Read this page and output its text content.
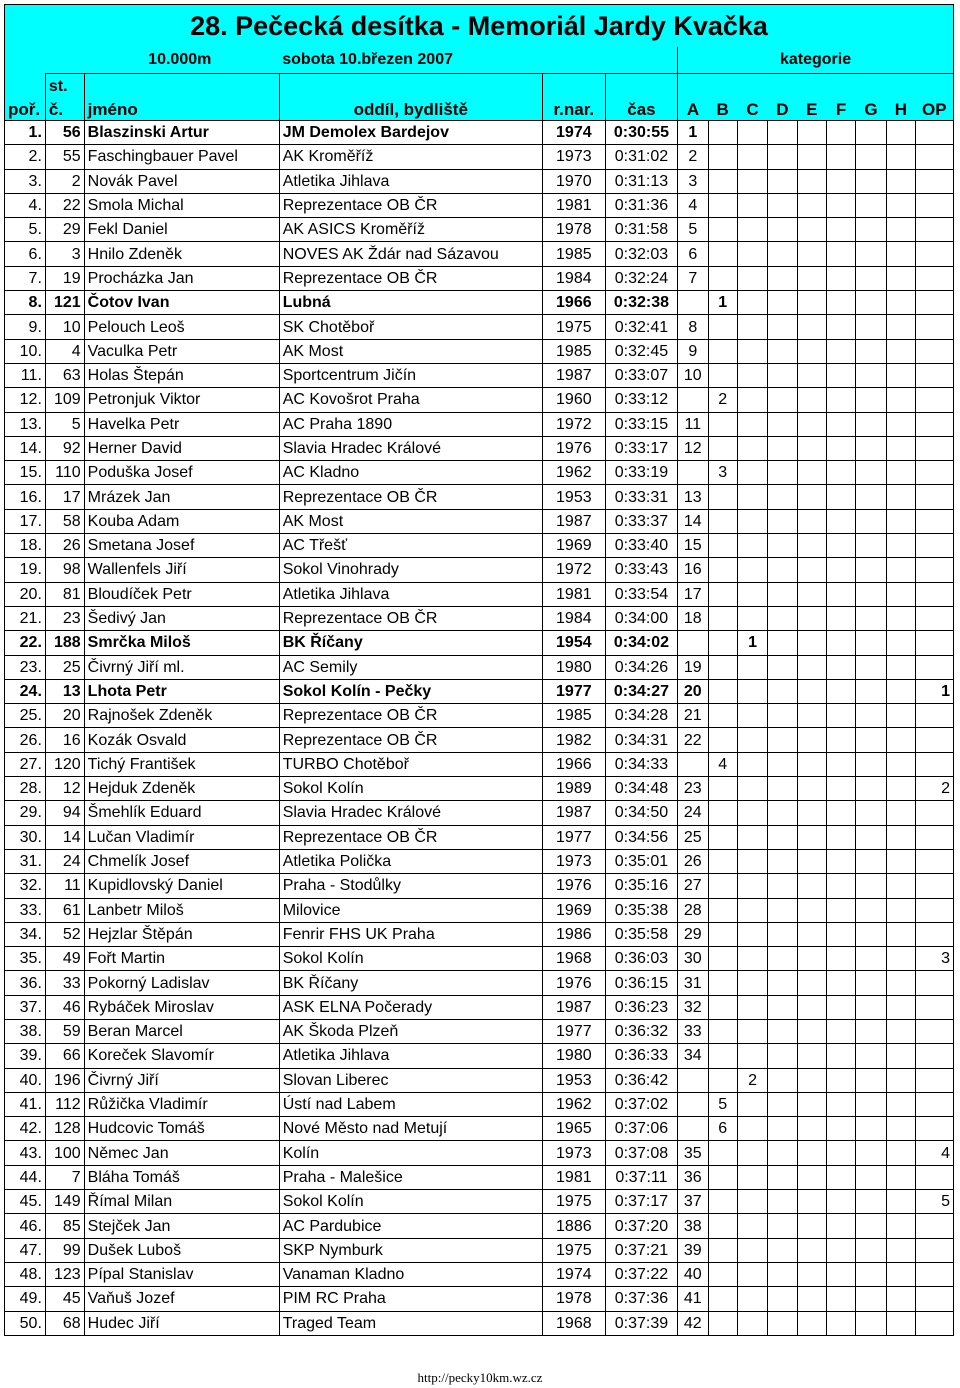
28. Pečecká desítka - Memoriál Jardy Kvačka														
		10.000m sobota 10.březen 2007				kategorie								
	st.													
poř.	č.	jméno	oddíl, bydliště	r.nar.	čas	A	B	C	D	E	F	G	H	OP
1.	56	Blaszinski Artur	JM Demolex Bardejov	1974	0:30:55	1								
2.	55	Faschingbauer Pavel	AK Kroměříž	1973	0:31:02	2								
3.	2	Novák Pavel	Atletika Jihlava	1970	0:31:13	3								
4.	22	Smola Michal	Reprezentace OB ČR	1981	0:31:36	4								
5.	29	Fekl Daniel	AK ASICS Kroměříž	1978	0:31:58	5								
6.	3	Hnilo Zdeněk	NOVES AK Ždár nad Sázavou	1985	0:32:03	6								
7.	19	Procházka Jan	Reprezentace OB ČR	1984	0:32:24	7								
8.	121	Čotov Ivan	Lubná	1966	0:32:38		1							
9.	10	Pelouch Leoš	SK Chotěboř	1975	0:32:41	8								
10.	4	Vaculka Petr	AK Most	1985	0:32:45	9								
11.	63	Holas Štepán	Sportcentrum Jičín	1987	0:33:07	10								
12.	109	Petronjuk Viktor	AC Kovošrot Praha	1960	0:33:12		2							
13.	5	Havelka Petr	AC Praha 1890	1972	0:33:15	11								
14.	92	Herner David	Slavia Hradec Králové	1976	0:33:17	12								
15.	110	Poduška Josef	AC Kladno	1962	0:33:19		3							
16.	17	Mrázek Jan	Reprezentace OB ČR	1953	0:33:31	13								
17.	58	Kouba Adam	AK Most	1987	0:33:37	14								
18.	26	Smetana Josef	AC Třešť	1969	0:33:40	15								
19.	98	Wallenfels Jiří	Sokol Vinohrady	1972	0:33:43	16								
20.	81	Bloudíček Petr	Atletika Jihlava	1981	0:33:54	17								
21.	23	Šedivý Jan	Reprezentace OB ČR	1984	0:34:00	18								
22.	188	Smrčka Miloš	BK Říčany	1954	0:34:02			1						
23.	25	Čivrný Jiří ml.	AC Semily	1980	0:34:26	19								
24.	13	Lhota Petr	Sokol Kolín - Pečky	1977	0:34:27	20								1
25.	20	Rajnošek Zdeněk	Reprezentace OB ČR	1985	0:34:28	21								
26.	16	Kozák Osvald	Reprezentace OB ČR	1982	0:34:31	22								
27.	120	Tichý František	TURBO Chotěboř	1966	0:34:33		4							
28.	12	Hejduk Zdeněk	Sokol Kolín	1989	0:34:48	23								2
29.	94	Šmehlík Eduard	Slavia Hradec Králové	1987	0:34:50	24								
30.	14	Lučan Vladimír	Reprezentace OB ČR	1977	0:34:56	25								
31.	24	Chmelík Josef	Atletika Polička	1973	0:35:01	26								
32.	11	Kupidlovský Daniel	Praha - Stodůlky	1976	0:35:16	27								
33.	61	Lanbetr Miloš	Milovice	1969	0:35:38	28								
34.	52	Hejzlar Štěpán	Fenrir FHS UK Praha	1986	0:35:58	29								
35.	49	Fořt Martin	Sokol Kolín	1968	0:36:03	30								3
36.	33	Pokorný Ladislav	BK Říčany	1976	0:36:15	31								
37.	46	Rybáček Miroslav	ASK ELNA Počerady	1987	0:36:23	32								
38.	59	Beran Marcel	AK Škoda Plzeň	1977	0:36:32	33								
39.	66	Koreček Slavomír	Atletika Jihlava	1980	0:36:33	34								
40.	196	Čivrný Jiří	Slovan Liberec	1953	0:36:42			2						
41.	112	Růžička Vladimír	Ústí nad Labem	1962	0:37:02		5							
42.	128	Hudcovic Tomáš	Nové Město nad Metují	1965	0:37:06		6							
43.	100	Němec Jan	Kolín	1973	0:37:08	35								4
44.	7	Bláha Tomáš	Praha - Malešice	1981	0:37:11	36								
45.	149	Římal Milan	Sokol Kolín	1975	0:37:17	37								5
46.	85	Stejček Jan	AC Pardubice	1886	0:37:20	38								
47.	99	Dušek Luboš	SKP Nymburk	1975	0:37:21	39								
48.	123	Pípal Stanislav	Vanaman Kladno	1974	0:37:22	40								
49.	45	Vaňuš Jozef	PIM RC Praha	1978	0:37:36	41								
50.	68	Hudec Jiří	Traged Team	1968	0:37:39	42								
http://pecky10km.wz.cz
